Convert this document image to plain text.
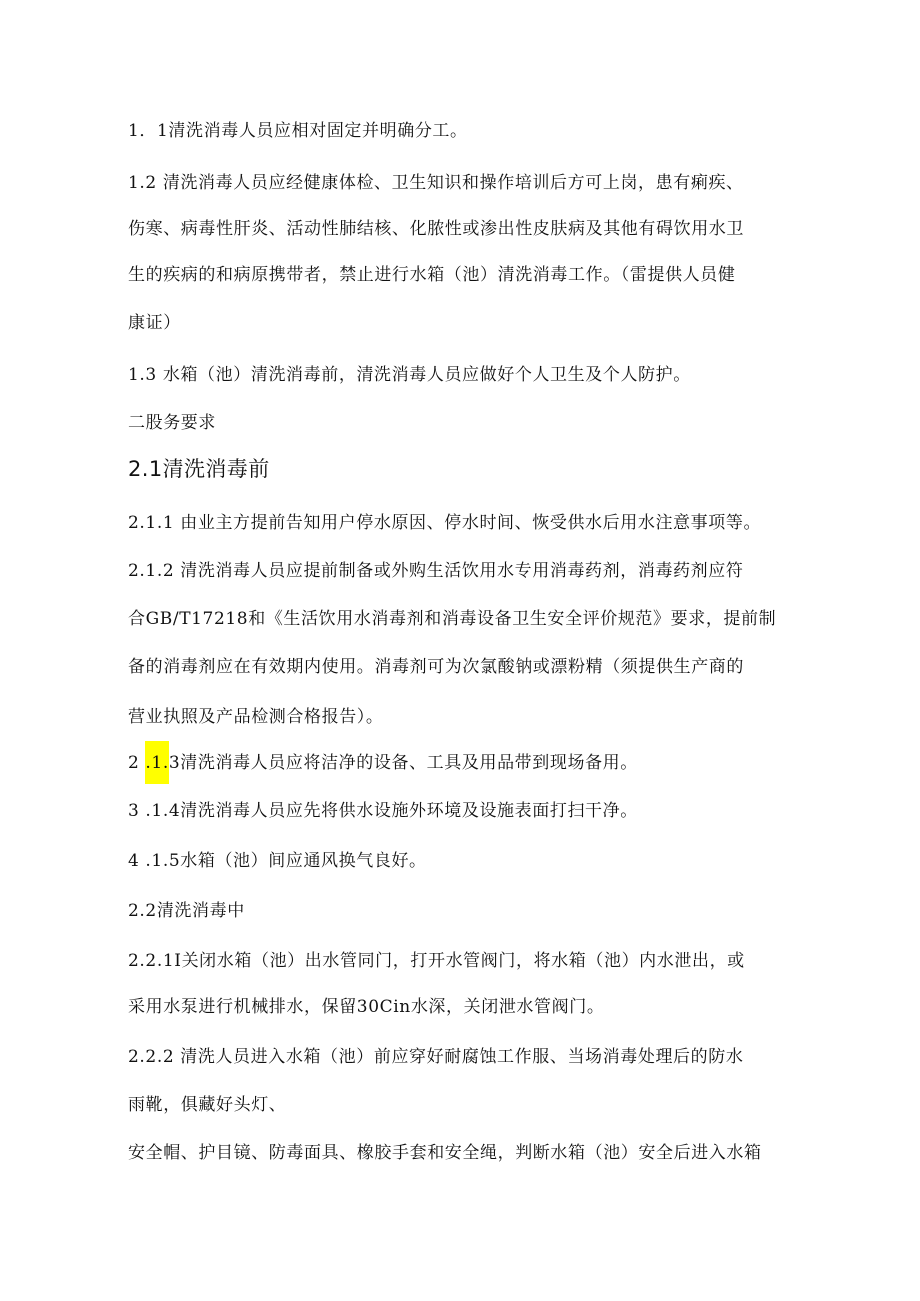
1．1清洗消毒人员应相对固定并明确分工。
1.2 清洗消毒人员应经健康体检、卫生知识和操作培训后方可上岗，患有痢疾、
伤寒、病毒性肝炎、活动性肺结核、化脓性或渗出性皮肤病及其他有碍饮用水卫
生的疾病的和病原携带者，禁止进行水箱（池）清洗消毒工作。（雷提供人员健
康证）
1.3 水箱（池）清洗消毒前，清洗消毒人员应做好个人卫生及个人防护。
二股务要求
2.1清洗消毒前
2.1.1 由业主方提前告知用户停水原因、停水时间、恢受供水后用水注意事项等。
2.1.2 清洗消毒人员应提前制备或外购生活饮用水专用消毒药剂，消毒药剂应符
合GB/T17218和《生活饮用水消毒剂和消毒设备卫生安全评价规范》要求，提前制
备的消毒剂应在有效期内使用。消毒剂可为次氯酸钠或漂粉精（须提供生产商的
营业执照及产品检测合格报告）。
2 .1.3清洗消毒人员应将洁净的设备、工具及用品带到现场备用。
3 .1.4清洗消毒人员应先将供水设施外环境及设施表面打扫干净。
4 .1.5水箱（池）间应通风换气良好。
2.2清洗消毒中
2.2.1I关闭水箱（池）出水管同门，打开水管阀门，将水箱（池）内水泄出，或
采用水泵进行机械排水，保留30Cin水深，关闭泄水管阀门。
2.2.2 清洗人员进入水箱（池）前应穿好耐腐蚀工作服、当场消毒处理后的防水
雨靴，俱藏好头灯、
安全帽、护目镜、防毒面具、橡胶手套和安全绳，判断水箱（池）安全后进入水箱
